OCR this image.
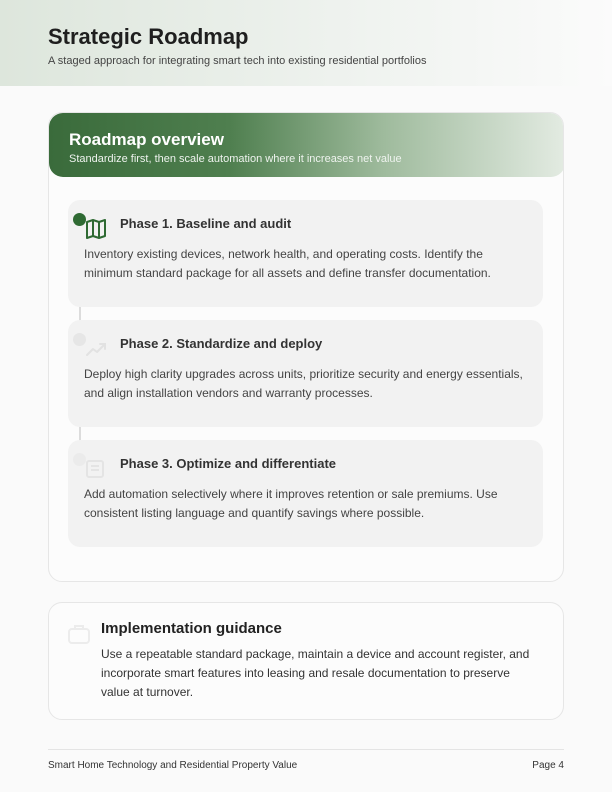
Strategic Roadmap
A staged approach for integrating smart tech into existing residential portfolios
Roadmap overview
Standardize first, then scale automation where it increases net value
Phase 1. Baseline and audit
Inventory existing devices, network health, and operating costs. Identify the minimum standard package for all assets and define transfer documentation.
Phase 2. Standardize and deploy
Deploy high clarity upgrades across units, prioritize security and energy essentials, and align installation vendors and warranty processes.
Phase 3. Optimize and differentiate
Add automation selectively where it improves retention or sale premiums. Use consistent listing language and quantify savings where possible.
Implementation guidance
Use a repeatable standard package, maintain a device and account register, and incorporate smart features into leasing and resale documentation to preserve value at turnover.
Smart Home Technology and Residential Property Value	Page 4
